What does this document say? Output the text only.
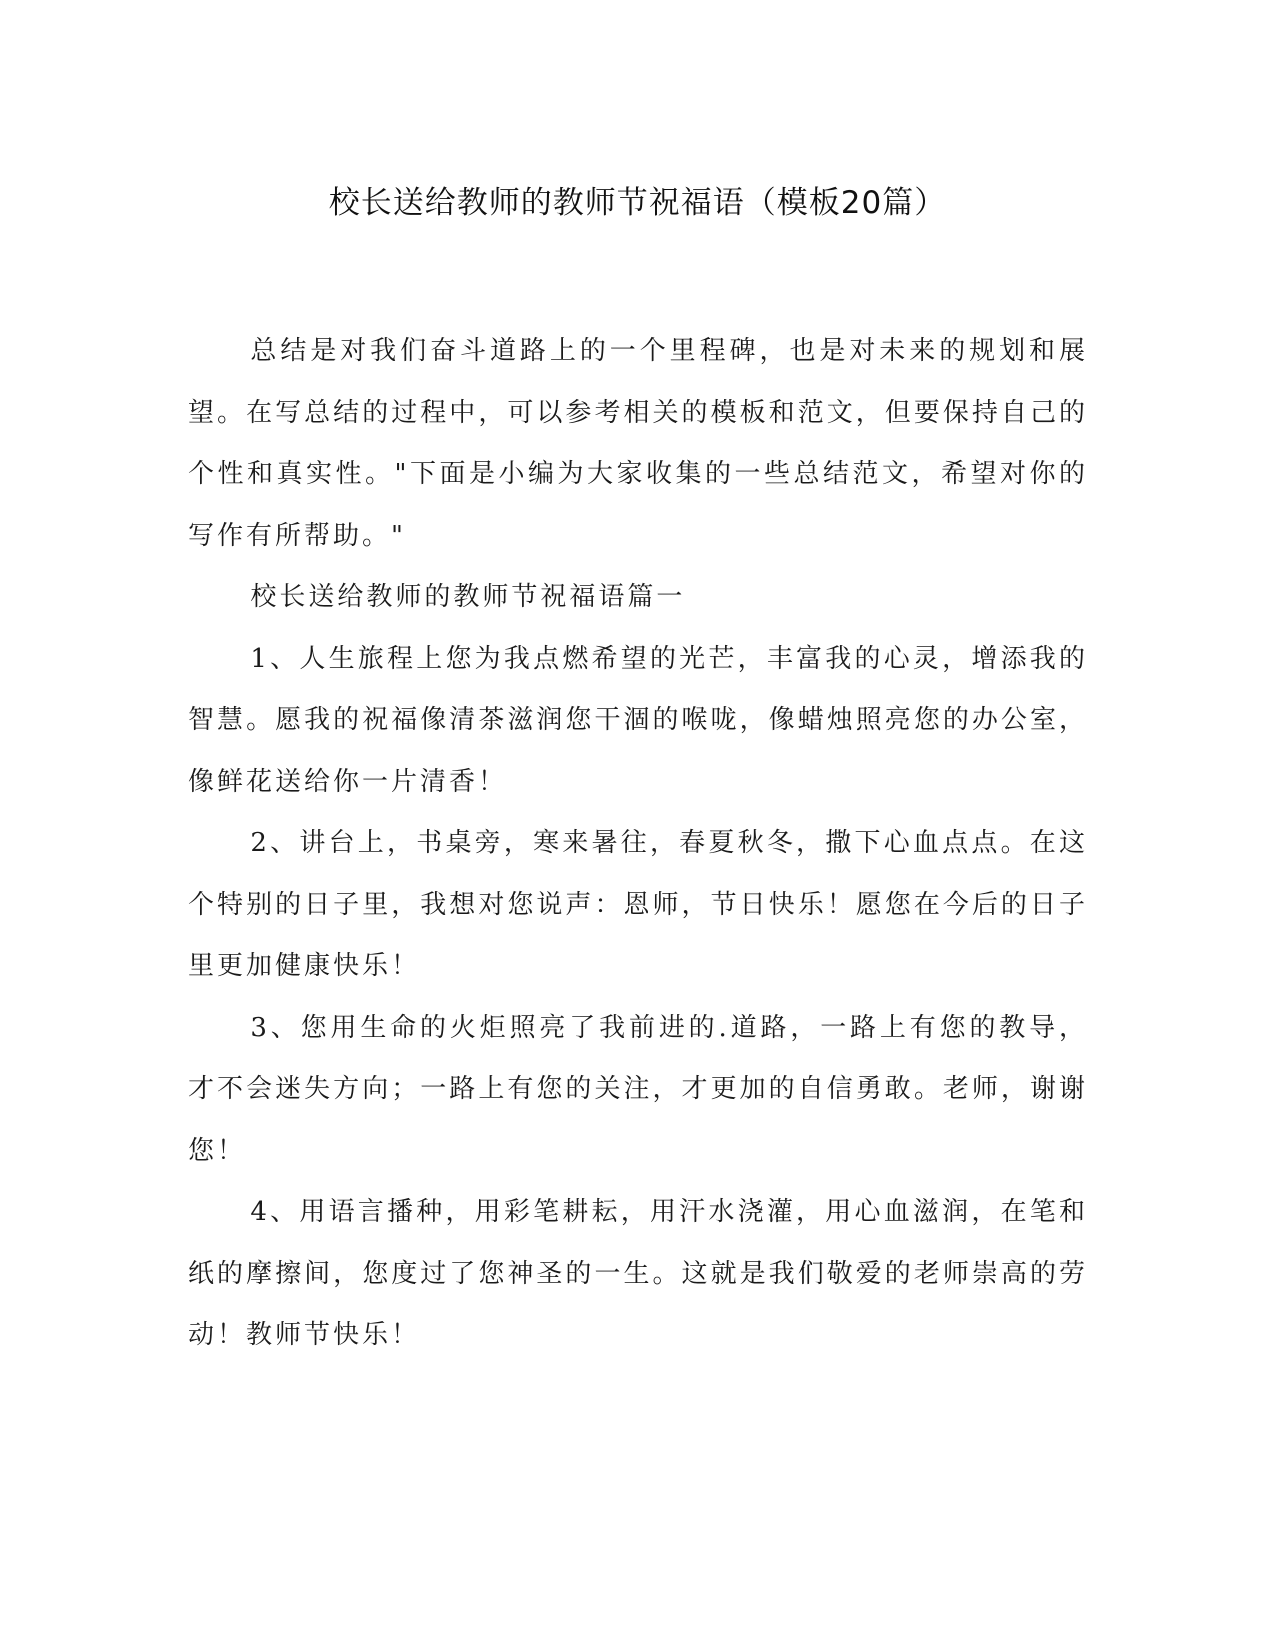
校长送给教师的教师节祝福语（模板20篇）

总结是对我们奋斗道路上的一个里程碑，也是对未来的规划和展望。在写总结的过程中，可以参考相关的模板和范文，但要保持自己的个性和真实性。"下面是小编为大家收集的一些总结范文，希望对你的写作有所帮助。"

校长送给教师的教师节祝福语篇一

1、人生旅程上您为我点燃希望的光芒，丰富我的心灵，增添我的智慧。愿我的祝福像清茶滋润您干涸的喉咙，像蜡烛照亮您的办公室，像鲜花送给你一片清香！

2、讲台上，书桌旁，寒来暑往，春夏秋冬，撒下心血点点。在这个特别的日子里，我想对您说声：恩师，节日快乐！愿您在今后的日子里更加健康快乐！

3、您用生命的火炬照亮了我前进的.道路，一路上有您的教导，才不会迷失方向；一路上有您的关注，才更加的自信勇敢。老师，谢谢您！

4、用语言播种，用彩笔耕耘，用汗水浇灌，用心血滋润，在笔和纸的摩擦间，您度过了您神圣的一生。这就是我们敬爱的老师崇高的劳动！教师节快乐！
